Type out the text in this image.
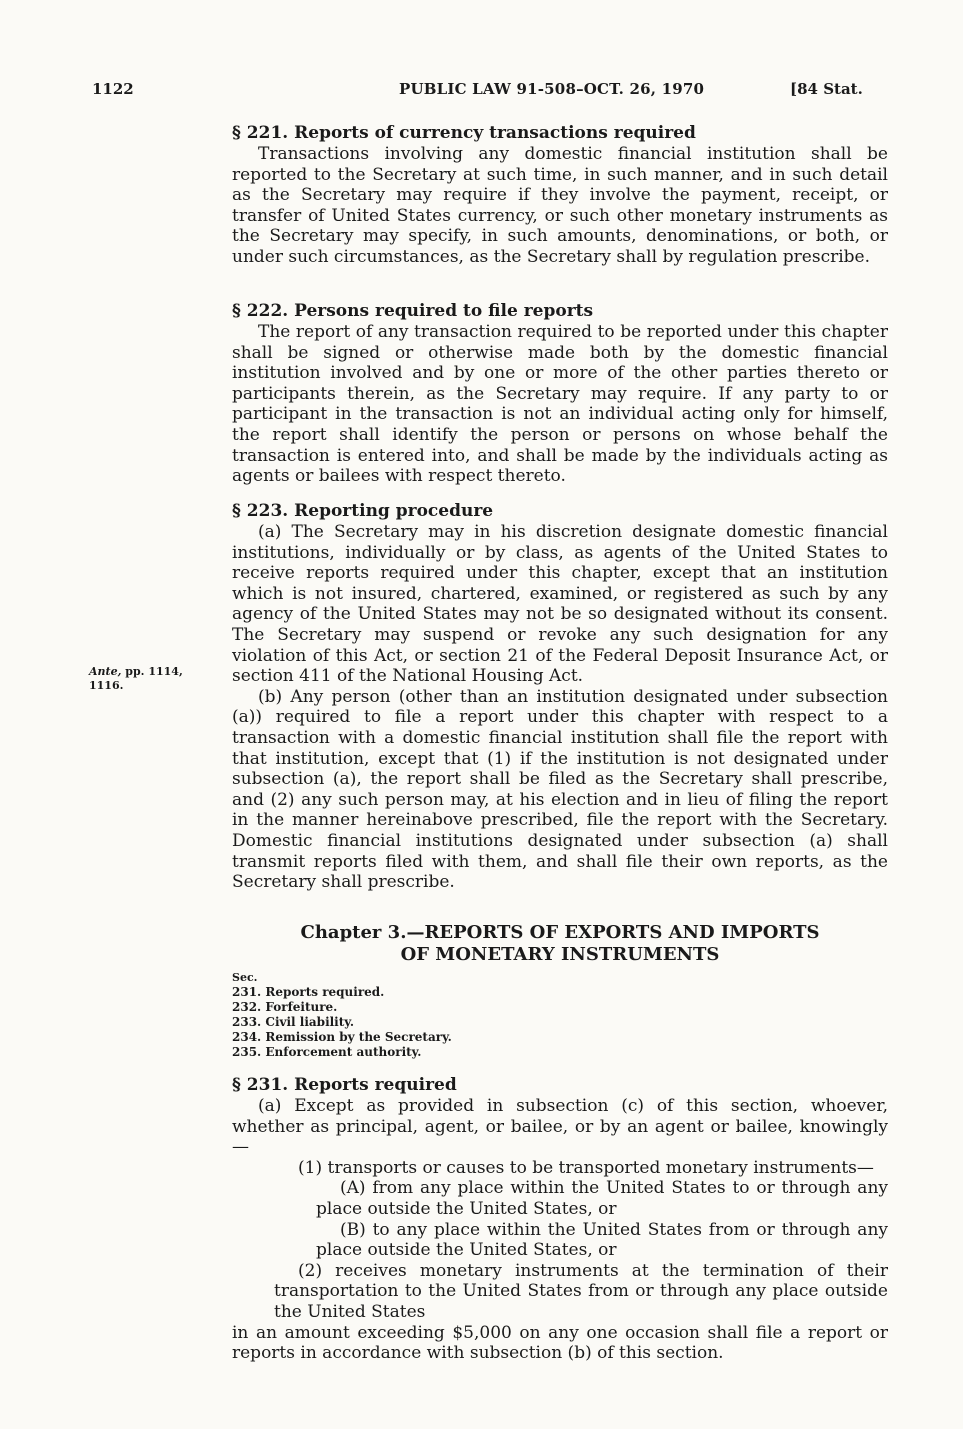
1122	PUBLIC LAW 91-508–OCT. 26, 1970	[84 Stat.
Ante, pp. 1114, 1116.

§ 221. Reports of currency transactions required

Transactions involving any domestic financial institution shall be reported to the Secretary at such time, in such manner, and in such detail as the Secretary may require if they involve the payment, receipt, or transfer of United States currency, or such other monetary instruments as the Secretary may specify, in such amounts, denominations, or both, or under such circumstances, as the Secretary shall by regulation prescribe.

§ 222. Persons required to file reports

The report of any transaction required to be reported under this chapter shall be signed or otherwise made both by the domestic financial institution involved and by one or more of the other parties thereto or participants therein, as the Secretary may require. If any party to or participant in the transaction is not an individual acting only for himself, the report shall identify the person or persons on whose behalf the transaction is entered into, and shall be made by the individuals acting as agents or bailees with respect thereto.

§ 223. Reporting procedure

(a) The Secretary may in his discretion designate domestic financial institutions, individually or by class, as agents of the United States to receive reports required under this chapter, except that an institution which is not insured, chartered, examined, or registered as such by any agency of the United States may not be so designated without its consent. The Secretary may suspend or revoke any such designation for any violation of this Act, or section 21 of the Federal Deposit Insurance Act, or section 411 of the National Housing Act.

(b) Any person (other than an institution designated under subsection (a)) required to file a report under this chapter with respect to a transaction with a domestic financial institution shall file the report with that institution, except that (1) if the institution is not designated under subsection (a), the report shall be filed as the Secretary shall prescribe, and (2) any such person may, at his election and in lieu of filing the report in the manner hereinabove prescribed, file the report with the Secretary. Domestic financial institutions designated under subsection (a) shall transmit reports filed with them, and shall file their own reports, as the Secretary shall prescribe.

Chapter 3.—REPORTS OF EXPORTS AND IMPORTS

OF MONETARY INSTRUMENTS

Sec.
231. Reports required.
232. Forfeiture.
233. Civil liability.
234. Remission by the Secretary.
235. Enforcement authority.

§ 231. Reports required

(a) Except as provided in subsection (c) of this section, whoever, whether as principal, agent, or bailee, or by an agent or bailee, knowingly—

(1) transports or causes to be transported monetary instruments—

(A) from any place within the United States to or through any place outside the United States, or

(B) to any place within the United States from or through any place outside the United States, or

(2) receives monetary instruments at the termination of their transportation to the United States from or through any place outside the United States

in an amount exceeding $5,000 on any one occasion shall file a report or reports in accordance with subsection (b) of this section.
